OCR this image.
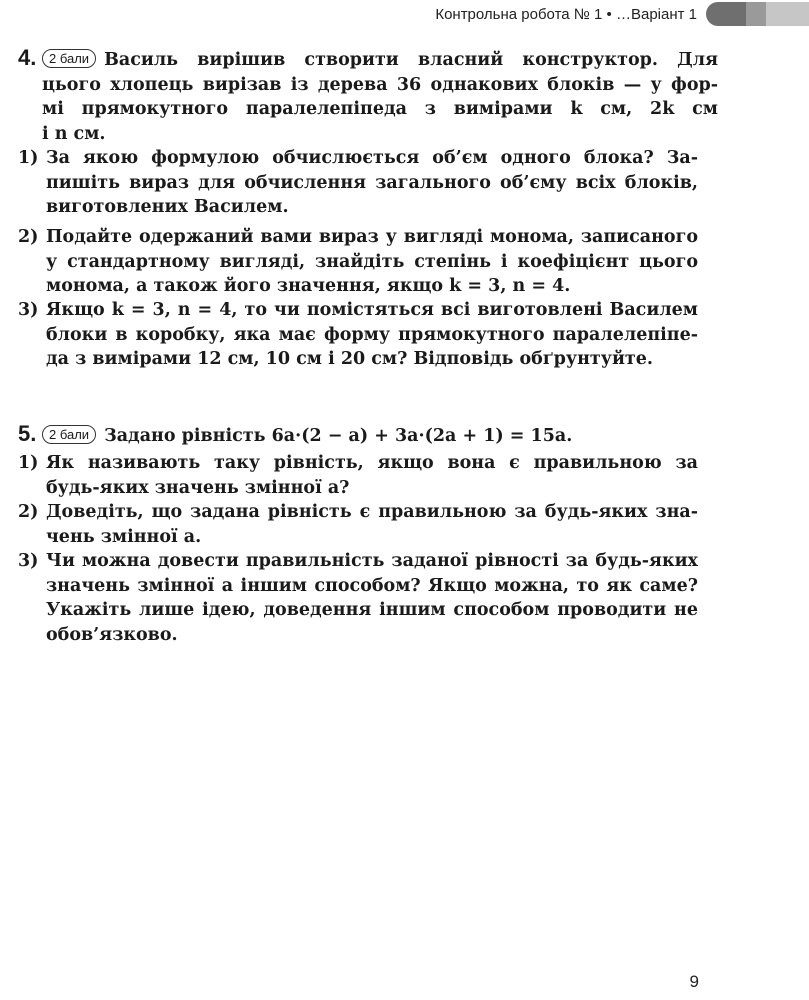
Контрольна робота № 1 • …Варіант 1
4. 2 бали Василь вирішив створити власний конструктор. Для
цього хлопець вирізав із дерева 36 однакових блоків — у фор-
мі прямокутного паралелепіпеда з вимірами k см, 2k см
і n см.
1) За якою формулою обчислюється об’єм одного блока? За-
пишіть вираз для обчислення загального об’єму всіх блоків,
виготовлених Василем.
2) Подайте одержаний вами вираз у вигляді монома, записаного
у стандартному вигляді, знайдіть степінь і коефіцієнт цього
монома, а також його значення, якщо k = 3, n = 4.
3) Якщо k = 3, n = 4, то чи помістяться всі виготовлені Василем
блоки в коробку, яка має форму прямокутного паралелепіпе-
да з вимірами 12 см, 10 см і 20 см? Відповідь обґрунтуйте.
5. 2 бали Задано рівність 6a·(2 − a) + 3a·(2a + 1) = 15a.
1) Як називають таку рівність, якщо вона є правильною за
будь-яких значень змінної a?
2) Доведіть, що задана рівність є правильною за будь-яких зна-
чень змінної a.
3) Чи можна довести правильність заданої рівності за будь-яких
значень змінної a іншим способом? Якщо можна, то як саме?
Укажіть лише ідею, доведення іншим способом проводити не
обов’язково.
9
